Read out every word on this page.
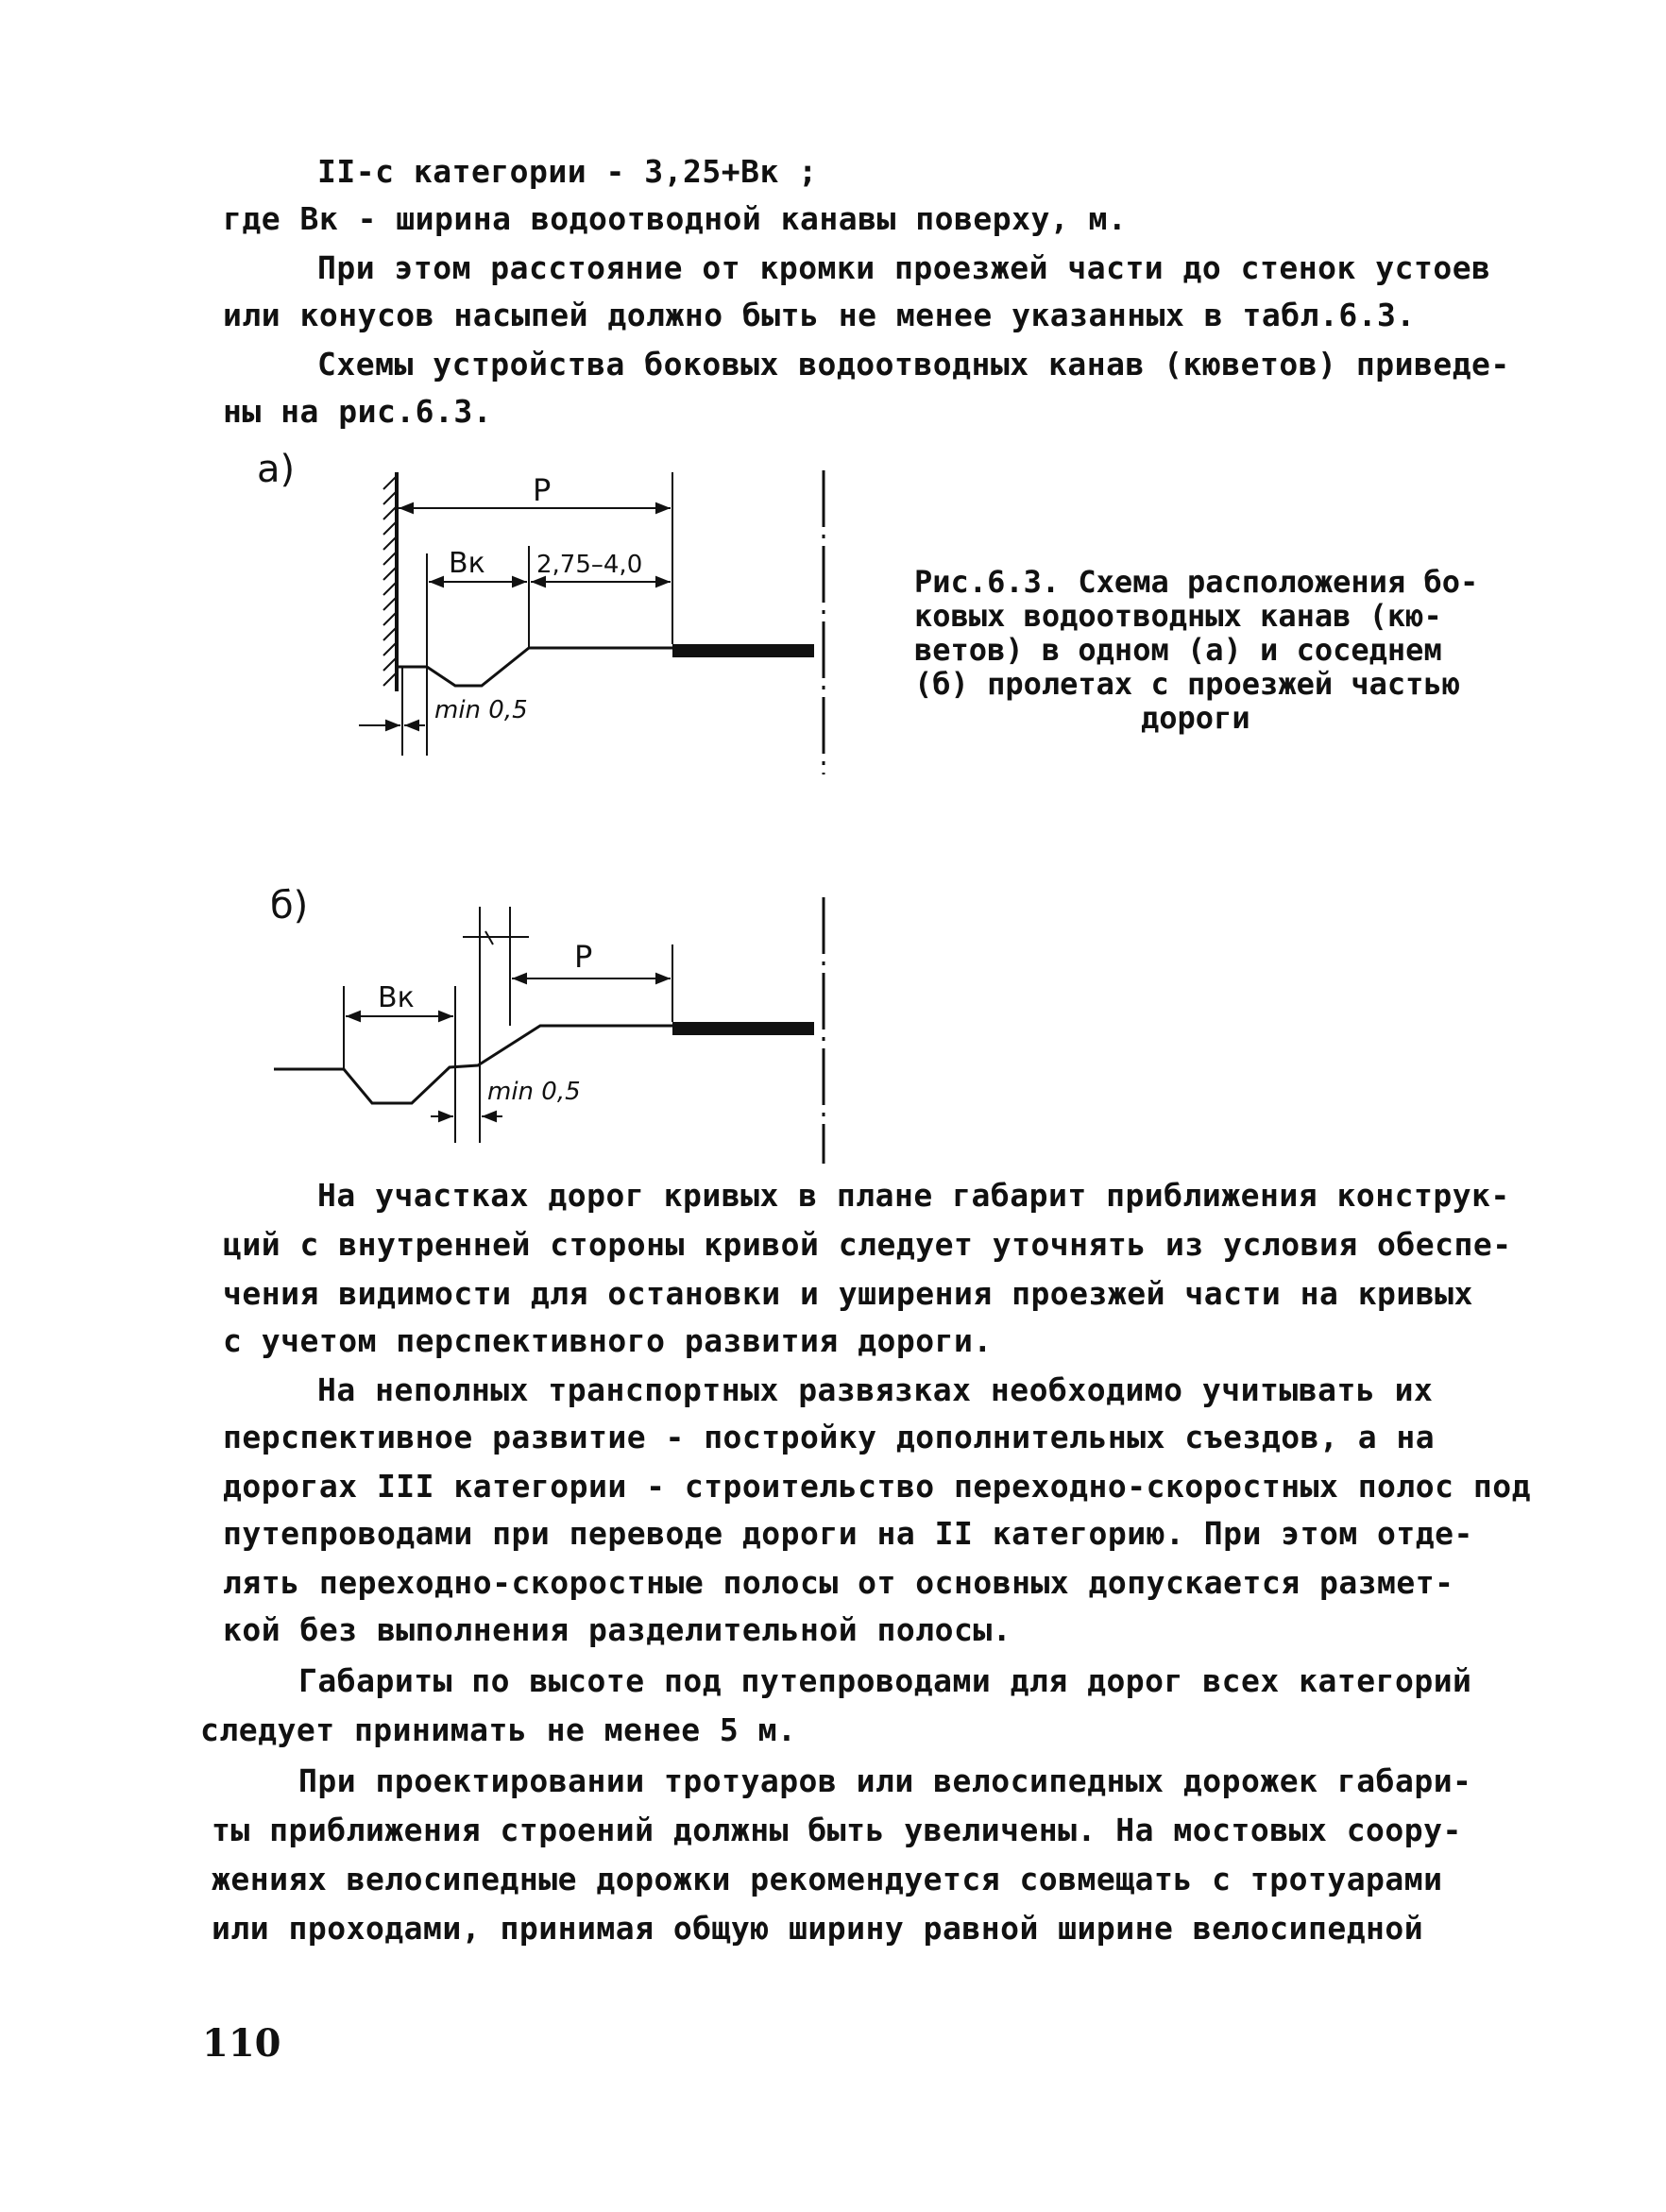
II-с категории - 3,25+Вк ;
где Вк - ширина водоотводной канавы поверху, м.
При этом расстояние от кромки проезжей части до стенок устоев
или конусов насыпей должно быть не менее указанных в табл.6.3.
Схемы устройства боковых водоотводных канав (кюветов) приведе-
ны на рис.6.3.
а)	P
Bк 2,75–4,0
min 0,5
Рис.6.3. Схема расположения бо-
ковых водоотводных канав (кю-
ветов) в одном (а) и соседнем
(б) пролетах с проезжей частью
дороги
б)
P
Bк
min 0,5
На участках дорог кривых в плане габарит приближения конструк-
ций с внутренней стороны кривой следует уточнять из условия обеспе-
чения видимости для остановки и уширения проезжей части на кривых
с учетом перспективного развития дороги.
На неполных транспортных развязках необходимо учитывать их
перспективное развитие - постройку дополнительных съездов, а на
дорогах III категории - строительство переходно-скоростных полос под
путепроводами при переводе дороги на II категорию. При этом отде-
лять переходно-скоростные полосы от основных допускается размет-
кой без выполнения разделительной полосы.
Габариты по высоте под путепроводами для дорог всех категорий
следует принимать не менее 5 м.
При проектировании тротуаров или велосипедных дорожек габари-
ты приближения строений должны быть увеличены. На мостовых соору-
жениях велосипедные дорожки рекомендуется совмещать с тротуарами
или проходами, принимая общую ширину равной ширине велосипедной
110
